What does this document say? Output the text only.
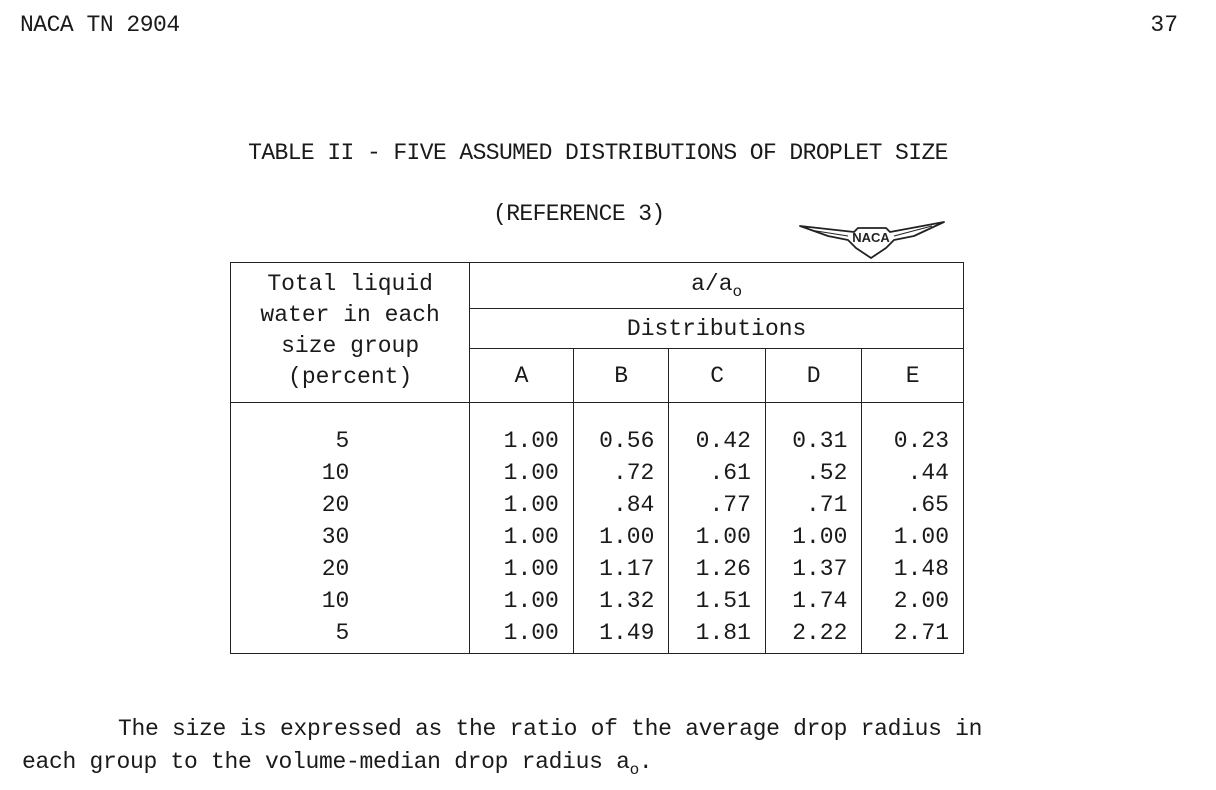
NACA TN 2904	37
TABLE II - FIVE ASSUMED DISTRIBUTIONS OF DROPLET SIZE
(REFERENCE 3)
NACA
Total liquid
water in each
size group
(percent)	$a/a_o$
	Distributions				
	A	B	C	D	E

5	1.00	0.56	0.42	0.31	0.23
10	1.00	.72	.61	.52	.44
20	1.00	.84	.77	.71	.65
30	1.00	1.00	1.00	1.00	1.00
20	1.00	1.17	1.26	1.37	1.48
10	1.00	1.32	1.51	1.74	2.00
5	1.00	1.49	1.81	2.22	2.71
The size is expressed as the ratio of the average drop radius in
each group to the volume-median drop radius $a_o$.
